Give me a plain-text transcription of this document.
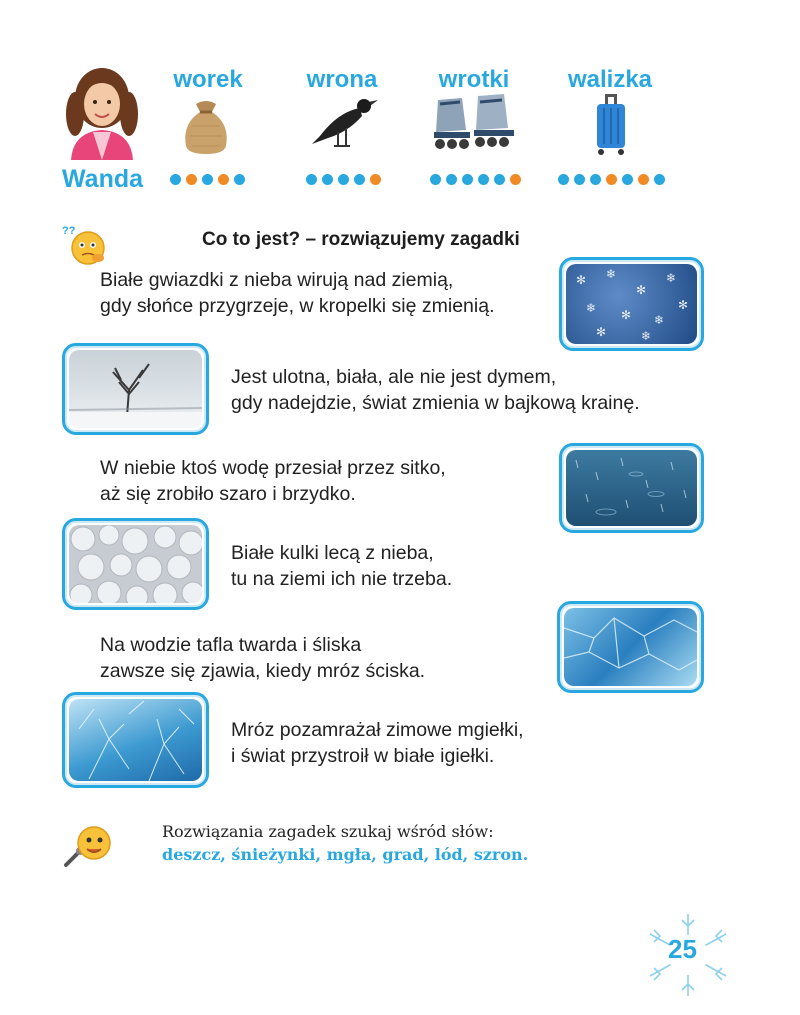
worek	wrona	wrotki	walizka
Wanda
??	Co to jest? – rozwiązujemy zagadki
Białe gwiazdki z nieba wirują nad ziemią,
gdy słońce przygrzeje, w kropelki się zmienią.
✻ ❄
✻
❄
❄ ✻ ❄
✻
✻	❄
Jest ulotna, biała, ale nie jest dymem,
gdy nadejdzie, świat zmienia w bajkową krainę.
W niebie ktoś wodę przesiał przez sitko,
aż się zrobiło szaro i brzydko.
Białe kulki lecą z nieba,
tu na ziemi ich nie trzeba.
Na wodzie tafla twarda i śliska
zawsze się zjawia, kiedy mróz ściska.
Mróz pozamrażał zimowe mgiełki,
i świat przystroił w białe igiełki.
Rozwiązania zagadek szukaj wśród słów:
deszcz, śnieżynki, mgła, grad, lód, szron.
25
